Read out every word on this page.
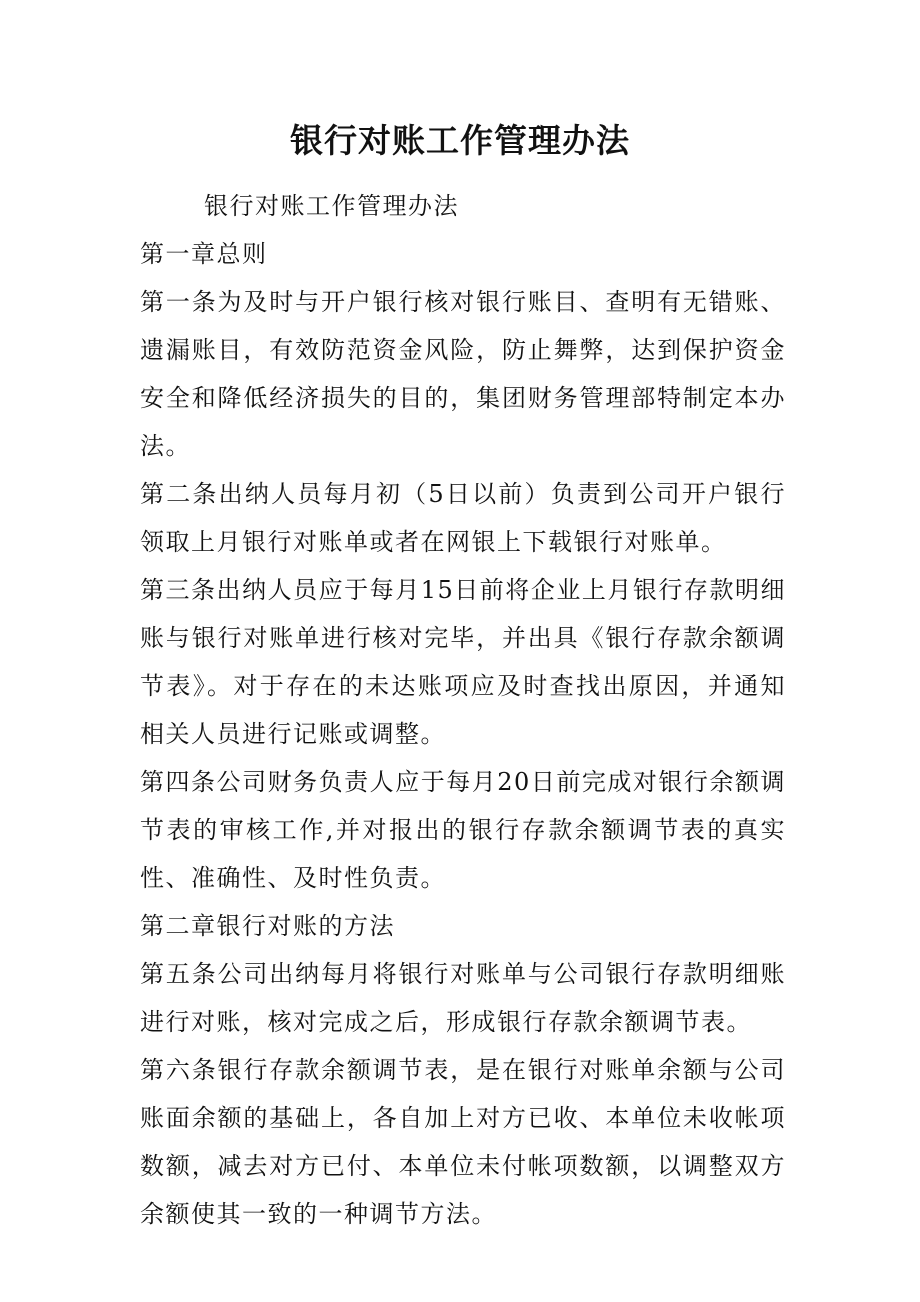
银行对账工作管理办法

银行对账工作管理办法

第一章总则

第一条为及时与开户银行核对银行账目、查明有无错账、遗漏账目，有效防范资金风险，防止舞弊，达到保护资金安全和降低经济损失的目的，集团财务管理部特制定本办法。

第二条出纳人员每月初（5日以前）负责到公司开户银行领取上月银行对账单或者在网银上下载银行对账单。

第三条出纳人员应于每月15日前将企业上月银行存款明细账与银行对账单进行核对完毕，并出具《银行存款余额调节表》。对于存在的未达账项应及时查找出原因，并通知相关人员进行记账或调整。

第四条公司财务负责人应于每月20日前完成对银行余额调节表的审核工作,并对报出的银行存款余额调节表的真实性、准确性、及时性负责。

第二章银行对账的方法

第五条公司出纳每月将银行对账单与公司银行存款明细账进行对账，核对完成之后，形成银行存款余额调节表。

第六条银行存款余额调节表，是在银行对账单余额与公司账面余额的基础上，各自加上对方已收、本单位未收帐项数额，减去对方已付、本单位未付帐项数额，以调整双方余额使其一致的一种调节方法。
